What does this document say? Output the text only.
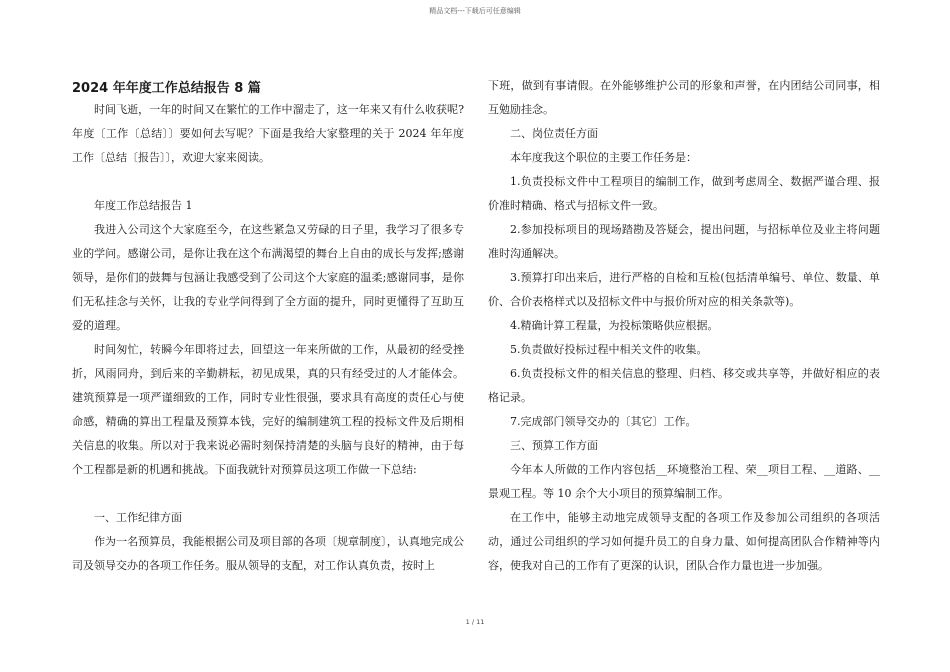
精品文档---下载后可任意编辑
2024 年年度工作总结报告 8 篇

时间飞逝，一年的时间又在繁忙的工作中溜走了，这一年来又有什么收获呢?年度〔工作〔总结〕〕要如何去写呢？下面是我给大家整理的关于 2024 年年度工作〔总结〔报告〕〕，欢迎大家来阅读。

年度工作总结报告 1

我进入公司这个大家庭至今，在这些紧急又劳碌的日子里，我学习了很多专业的学问。感谢公司，是你让我在这个布满渴望的舞台上自由的成长与发挥;感谢领导，是你们的鼓舞与包涵让我感受到了公司这个大家庭的温柔;感谢同事，是你们无私挂念与关怀，让我的专业学问得到了全方面的提升，同时更懂得了互助互爱的道理。

时间匆忙，转瞬今年即将过去，回望这一年来所做的工作，从最初的经受挫折，风雨同舟，到后来的辛勤耕耘，初见成果，真的只有经受过的人才能体会。建筑预算是一项严谨细致的工作，同时专业性很强，要求具有高度的责任心与使命感，精确的算出工程量及预算本钱，完好的编制建筑工程的投标文件及后期相关信息的收集。所以对于我来说必需时刻保持清楚的头脑与良好的精神，由于每个工程都是新的机遇和挑战。下面我就针对预算员这项工作做一下总结:

一、工作纪律方面

作为一名预算员，我能根据公司及项目部的各项〔规章制度〕，认真地完成公司及领导交办的各项工作任务。服从领导的支配，对工作认真负责，按时上

下班，做到有事请假。在外能够维护公司的形象和声誉，在内团结公司同事，相互勉励挂念。

二、岗位责任方面

本年度我这个职位的主要工作任务是：

1.负责投标文件中工程项目的编制工作，做到考虑周全、数据严谨合理、报价准时精确、格式与招标文件一致。

2.参加投标项目的现场踏勘及答疑会，提出问题，与招标单位及业主将问题准时沟通解决。

3.预算打印出来后，进行严格的自检和互检(包括清单编号、单位、数量、单价、合价表格样式以及招标文件中与报价所对应的相关条款等)。

4.精确计算工程量，为投标策略供应根据。

5.负责做好投标过程中相关文件的收集。

6.负责投标文件的相关信息的整理、归档、移交或共享等，并做好相应的表格记录。

7.完成部门领导交办的〔其它〕工作。

三、预算工作方面

今年本人所做的工作内容包括__环境整治工程、荣__项目工程、__道路、__景观工程。等 10 余个大小项目的预算编制工作。

在工作中，能够主动地完成领导支配的各项工作及参加公司组织的各项活动，通过公司组织的学习如何提升员工的自身力量、如何提高团队合作精神等内容，使我对自己的工作有了更深的认识，团队合作力量也进一步加强。

1 / 11
